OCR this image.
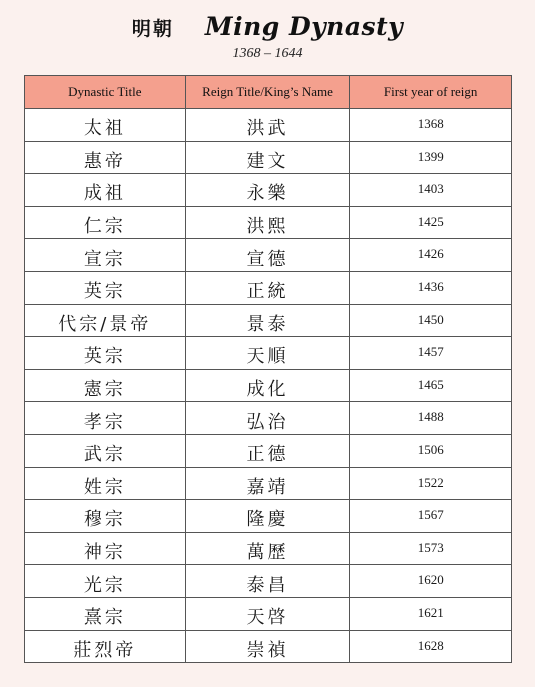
明朝 Ming Dynasty
1368 – 1644
Dynastic Title	Reign Title/King’s Name	First year of reign
太祖	洪武	1368
惠帝	建文	1399
成祖	永樂	1403
仁宗	洪熙	1425
宣宗	宣德	1426
英宗	正統	1436
代宗/景帝	景泰	1450
英宗	天順	1457
憲宗	成化	1465
孝宗	弘治	1488
武宗	正德	1506
姓宗	嘉靖	1522
穆宗	隆慶	1567
神宗	萬歷	1573
光宗	泰昌	1620
熹宗	天啓	1621
莊烈帝	崇禎	1628
